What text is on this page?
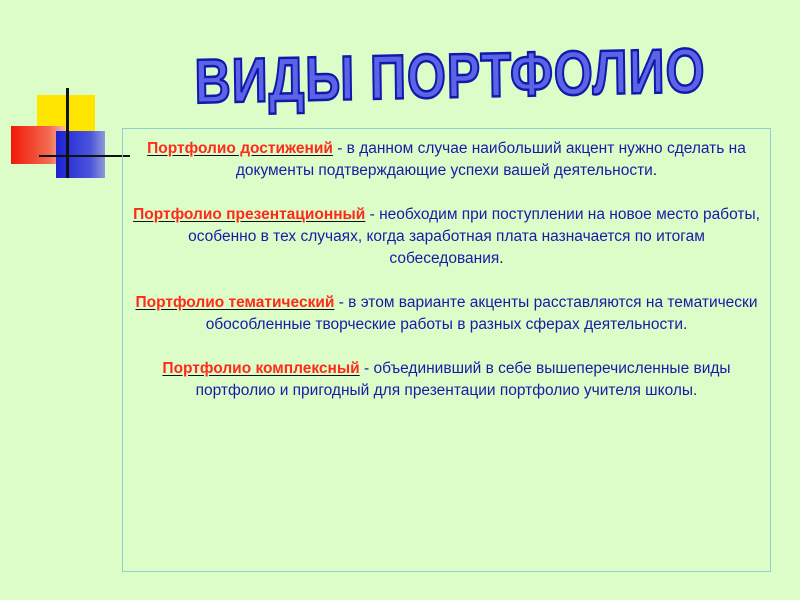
ВИДЫ ПОРТФОЛИО

Портфолио достижений - в данном случае наибольший акцент нужно сделать на документы подтверждающие успехи вашей деятельности.

Портфолио презентационный - необходим при поступлении на новое место работы, особенно в тех случаях, когда заработная плата назначается по итогам собеседования.

Портфолио тематический - в этом варианте акценты расставляются на тематически обособленные творческие работы в разных сферах деятельности.

Портфолио комплексный - объединивший в себе вышеперечисленные виды портфолио и пригодный для презентации портфолио учителя школы.
